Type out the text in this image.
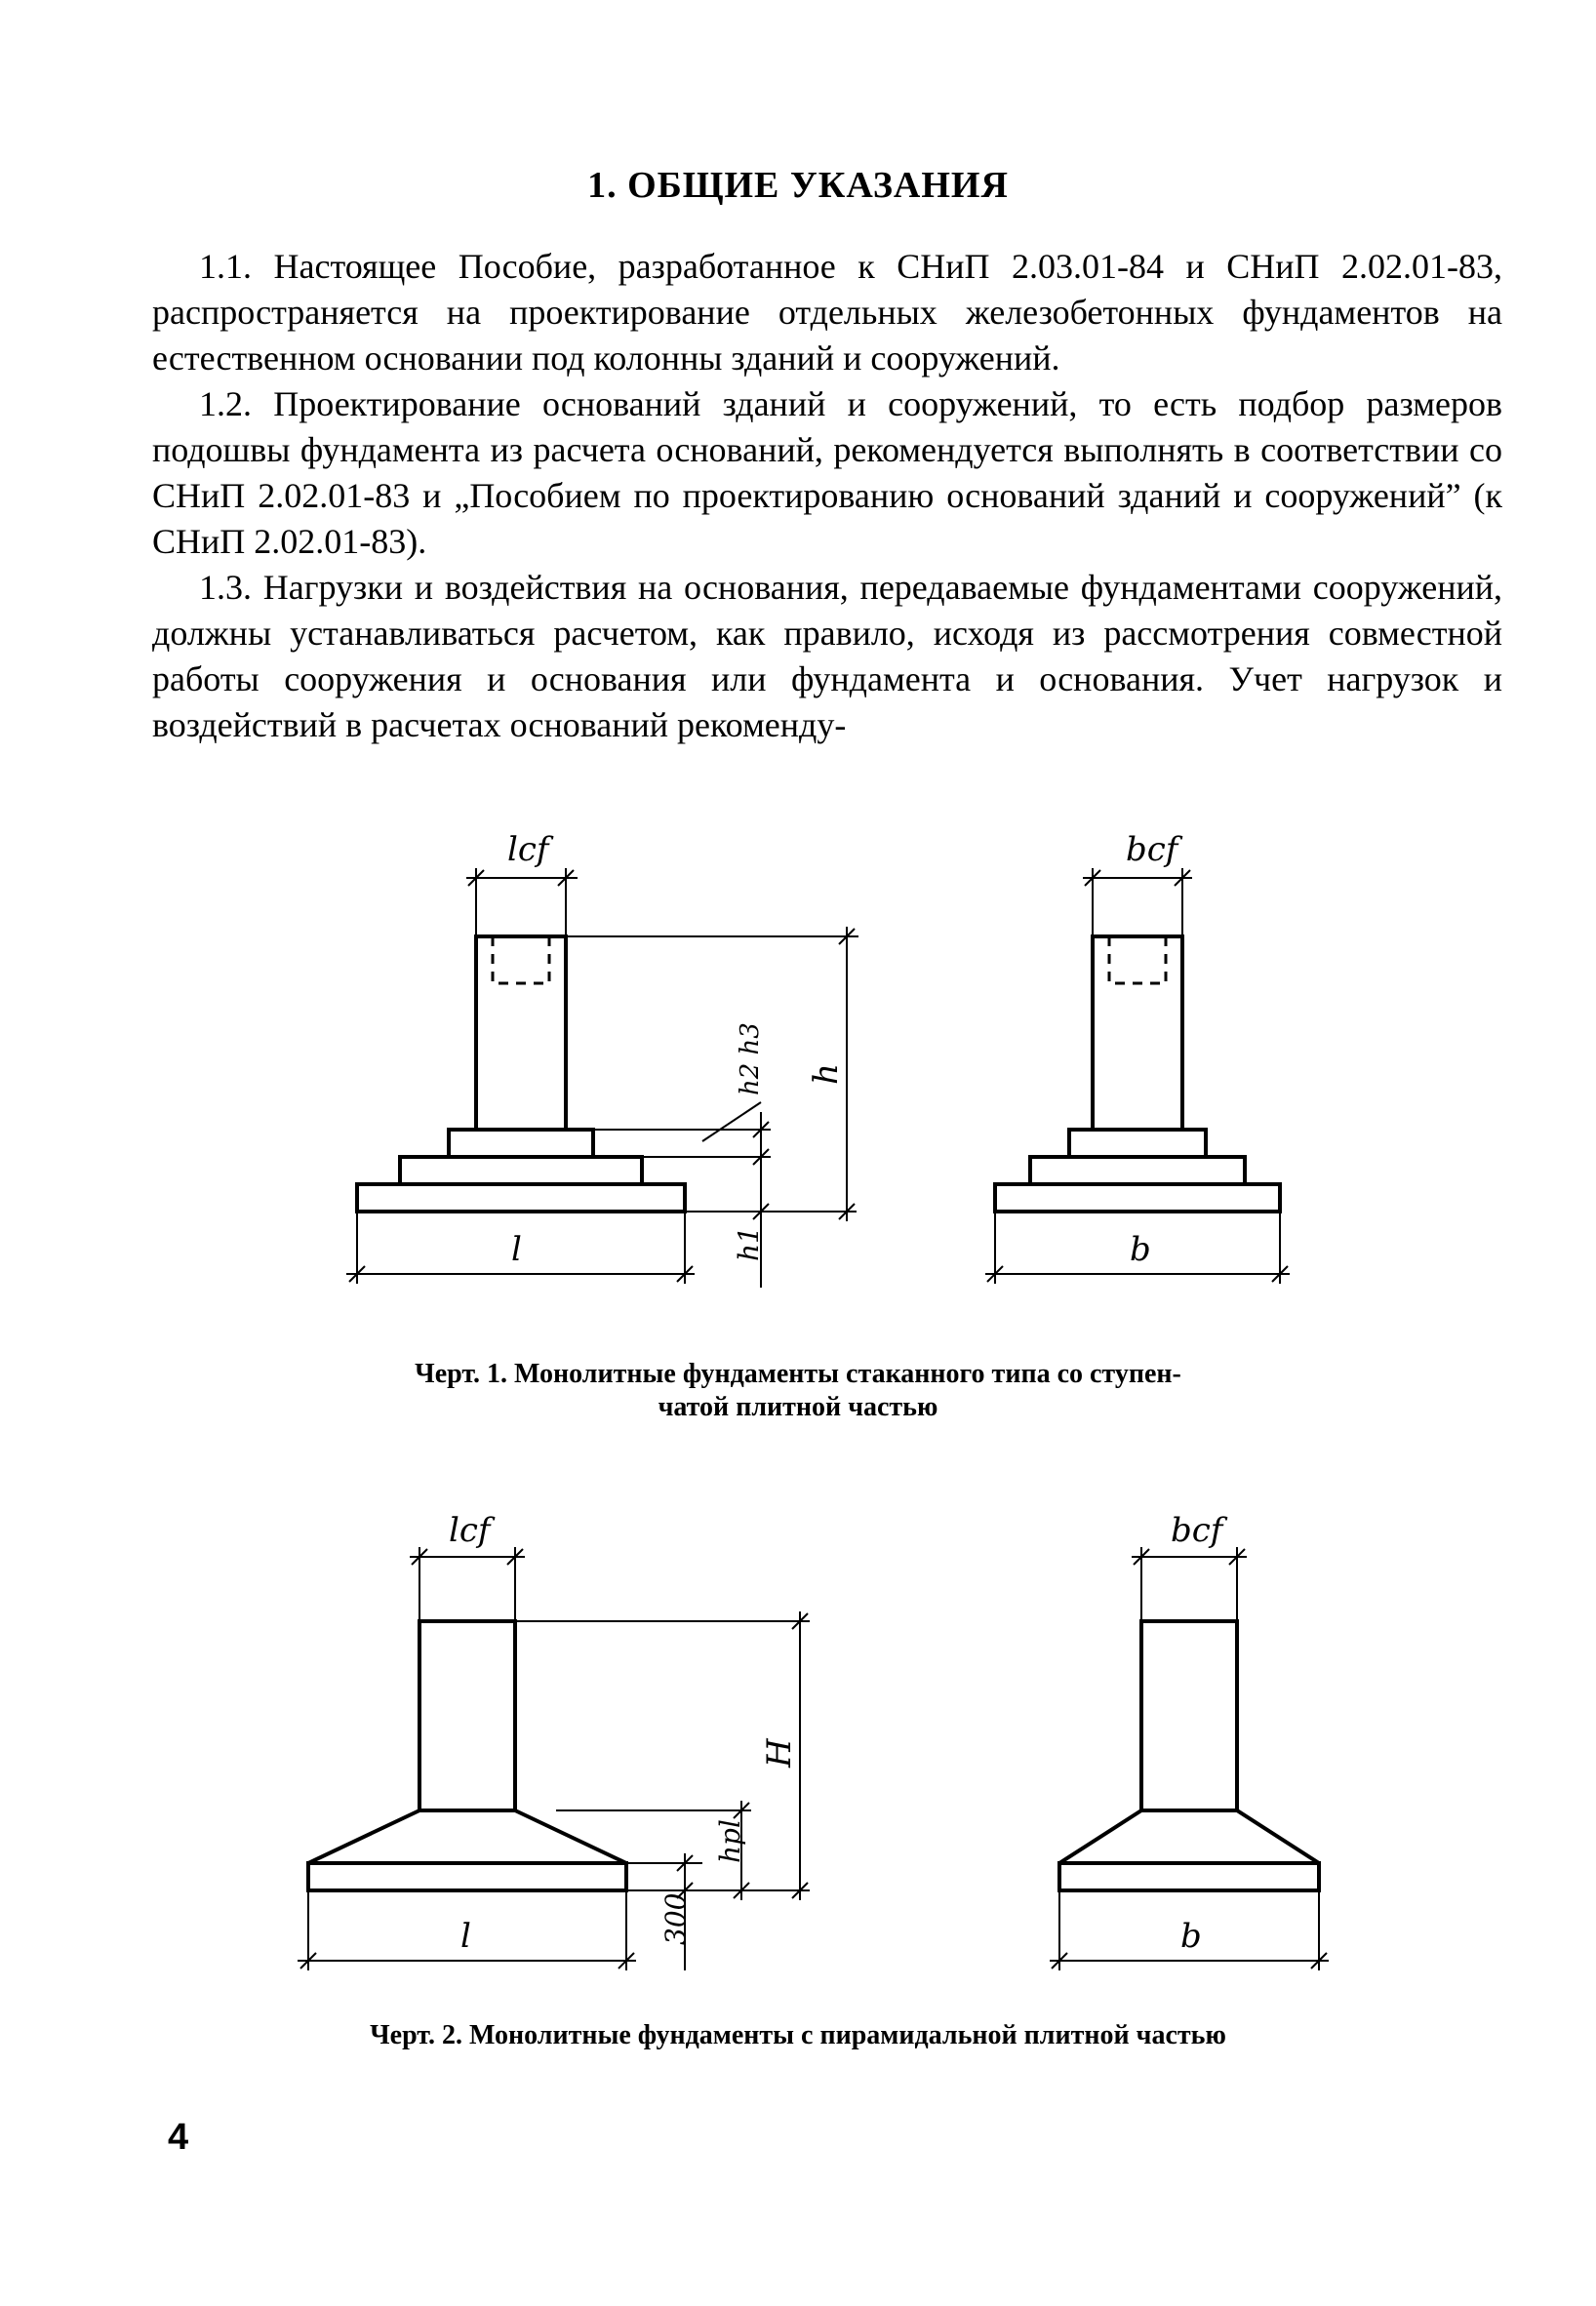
1. ОБЩИЕ УКАЗАНИЯ

1.1. Настоящее Пособие, разработанное к СНиП 2.03.01-84 и СНиП 2.02.01-83, распространяется на проектирование отдельных железобетонных фундаментов на естественном основании под колонны зданий и сооружений.

1.2. Проектирование оснований зданий и сооружений, то есть подбор размеров подошвы фундамента из расчета оснований, рекомендуется выполнять в соответствии со СНиП 2.02.01-83 и „Пособием по проектированию оснований зданий и сооружений” (к СНиП 2.02.01-83).

1.3. Нагрузки и воздействия на основания, передаваемые фундаментами сооружений, должны устанавливаться расчетом, как правило, исходя из рассмотрения совместной работы сооружения и основания или фундамента и основания. Учет нагрузок и воздействий в расчетах оснований рекоменду-

lcf
l
h
h2 h3
h1
bcf
b
Черт. 1. Монолитные фундаменты стаканного типа со ступен-
чатой плитной частью
lcf
H
hpl
300
l
bcf
b
Черт. 2. Монолитные фундаменты с пирамидальной плитной частью
4
